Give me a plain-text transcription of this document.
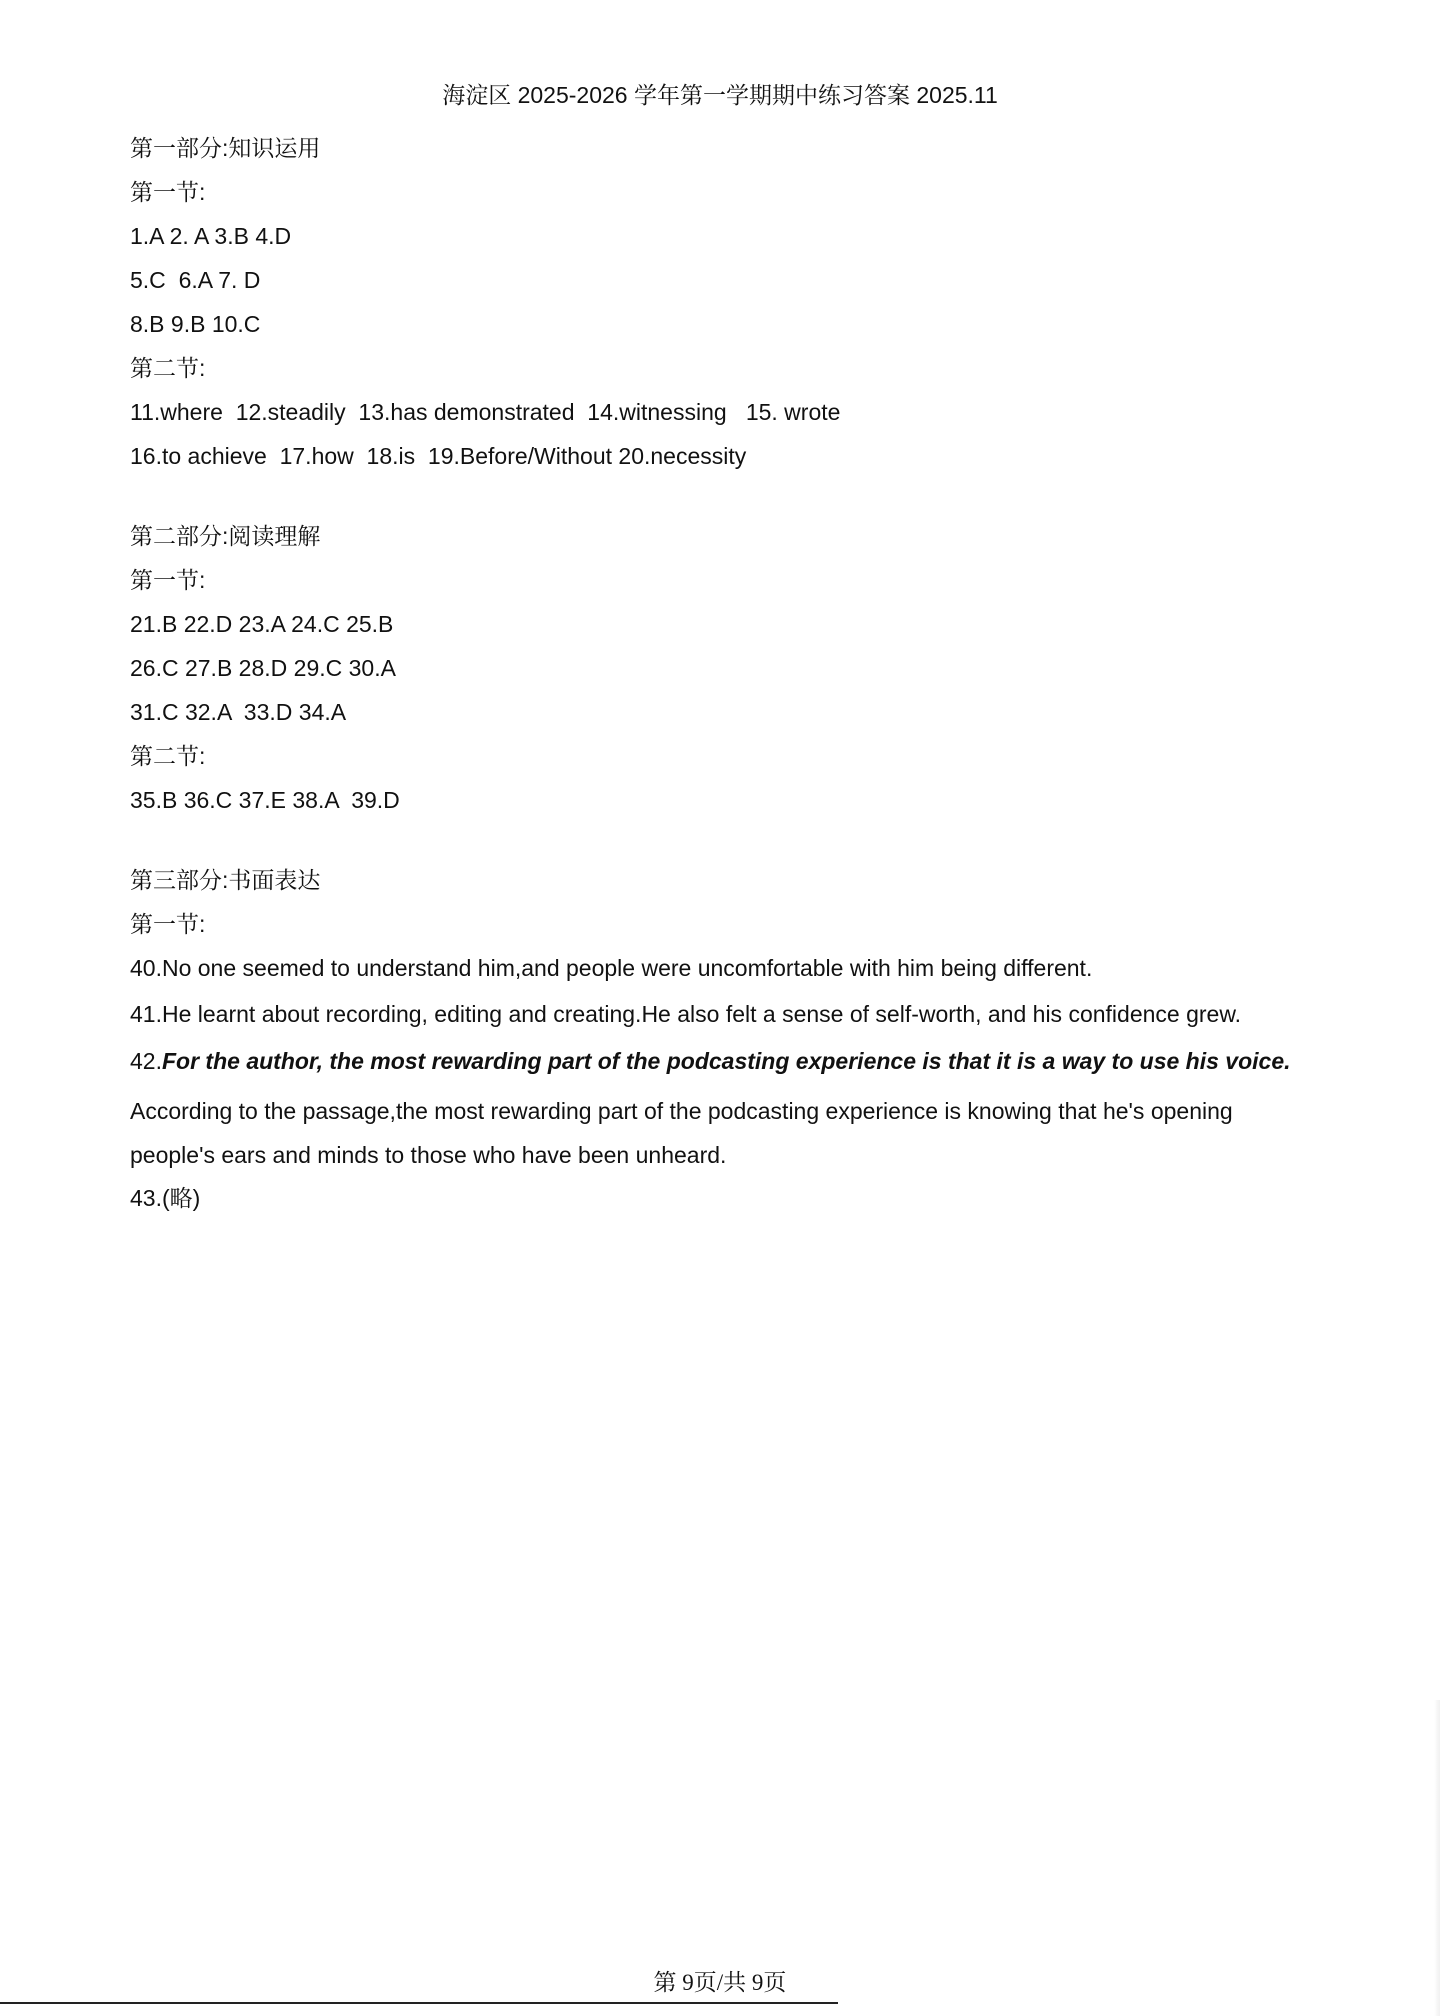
海淀区 2025-2026 学年第一学期期中练习答案 2025.11
第一部分:知识运用
第一节:
1.A 2. A 3.B 4.D
5.C  6.A 7. D
8.B 9.B 10.C
第二节:
11.where  12.steadily  13.has demonstrated  14.witnessing   15. wrote
16.to achieve  17.how  18.is  19.Before/Without 20.necessity
第二部分:阅读理解
第一节:
21.B 22.D 23.A 24.C 25.B
26.C 27.B 28.D 29.C 30.A
31.C 32.A  33.D 34.A
第二节:
35.B 36.C 37.E 38.A  39.D
第三部分:书面表达
第一节:
40.No one seemed to understand him,and people were uncomfortable with him being different.
41.He learnt about recording, editing and creating.He also felt a sense of self-worth, and his confidence grew.
42.For the author, the most rewarding part of the podcasting experience is that it is a way to use his voice.
According to the passage,the most rewarding part of the podcasting experience is knowing that he's opening people's ears and minds to those who have been unheard.
43.(略)
第 9页/共 9页
